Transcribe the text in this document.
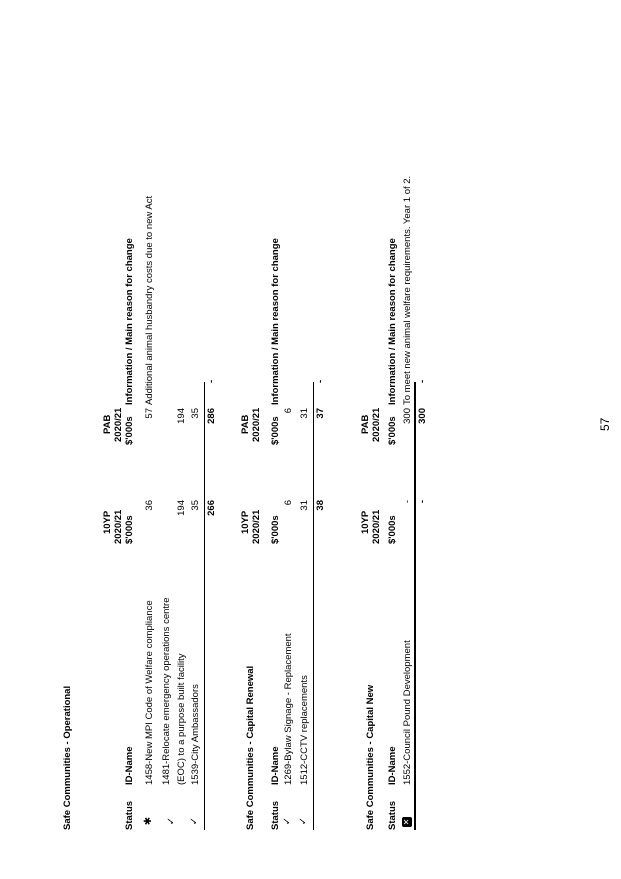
Safe Communities - Operational
10YP
PAB
2020/21
2020/21
Status
ID-Name
$'000s
$'000s
Information / Main reason for change
✱
1458-New MPI Code of Welfare compliance
36
57
Additional animal husbandry costs due to new Act
✓
1481-Relocate emergency operations centre (EOC) to a purpose built facility
194
194
✓
1539-City Ambassadors
35
35
266
286
-
Safe Communities - Capital Renewal
10YP
PAB
2020/21
2020/21
Status
ID-Name
$'000s
$'000s
Information / Main reason for change
✓
1269-Bylaw Signage - Replacement
6
6
✓
1512-CCTV replacements
31
31
38
37
-
Safe Communities - Capital New
10YP
PAB
2020/21
2020/21
Status
ID-Name
$'000s
$'000s
Information / Main reason for change
✕
1552-Council Pound Development
-
300
To meet new animal welfare requirements. Year 1 of 2.
-
300
-
57
